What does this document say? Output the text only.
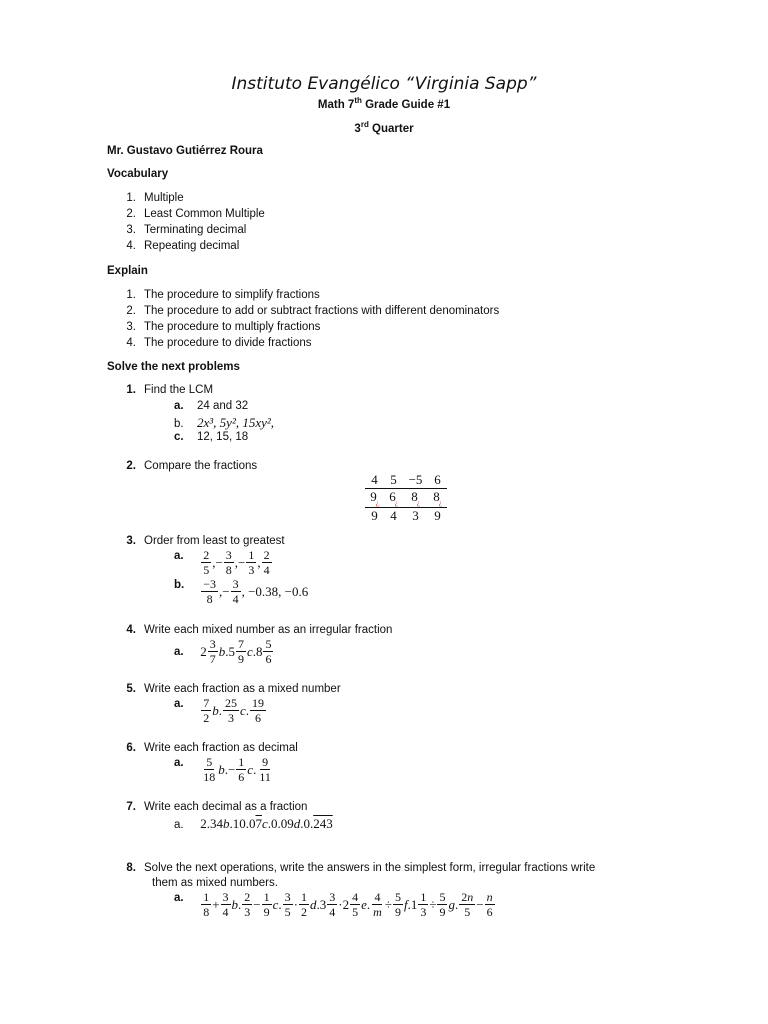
Instituto Evangélico “Virginia Sapp”
Math 7th Grade Guide #1
3rd Quarter
Mr. Gustavo Gutiérrez Roura
Vocabulary
1. Multiple
2. Least Common Multiple
3. Terminating decimal
4. Repeating decimal
Explain
1. The procedure to simplify fractions
2. The procedure to add or subtract fractions with different denominators
3. The procedure to multiply fractions
4. The procedure to divide fractions
Solve the next problems
1. Find the LCM
a. 24 and 32
b. 2x³, 5y², 15xy²,
c. 12, 15, 18
2. Compare the fractions
4 5 −5 6
$9_¿$ $6_¿$	$8_¿$	$8_¿$
9 4	3	9
3. Order from least to greatest
a. 2
5
,− 3
8
,− 1
3
, 2
4
b. −3
8
,− 3
4
, −0.38, −0.6
4. Write each mixed number as an irregular fraction
a. 2 3
7
b .5 7
9
c .8 5
6
5. Write each fraction as a mixed number
a. 7
2
b . 25
3
c . 19
6
6. Write each fraction as decimal
a. 5
18
b .− 1
6
c . 9
11
7. Write each decimal as a fraction
a. 2.34 b .10.0 7 c .0.09 d .0. 243
8. Solve the next operations, write the answers in the simplest form, irregular fractions write
them as mixed numbers.
a. 1
8
+ 3
4
b . 2
3
− 1
9
c . 3
5
· 1
2
d .3 3
4
·2 4
5
e . 4
m
÷ 5
9
f .1 1
3
÷ 5
9
g . 2n
5
− n
6
